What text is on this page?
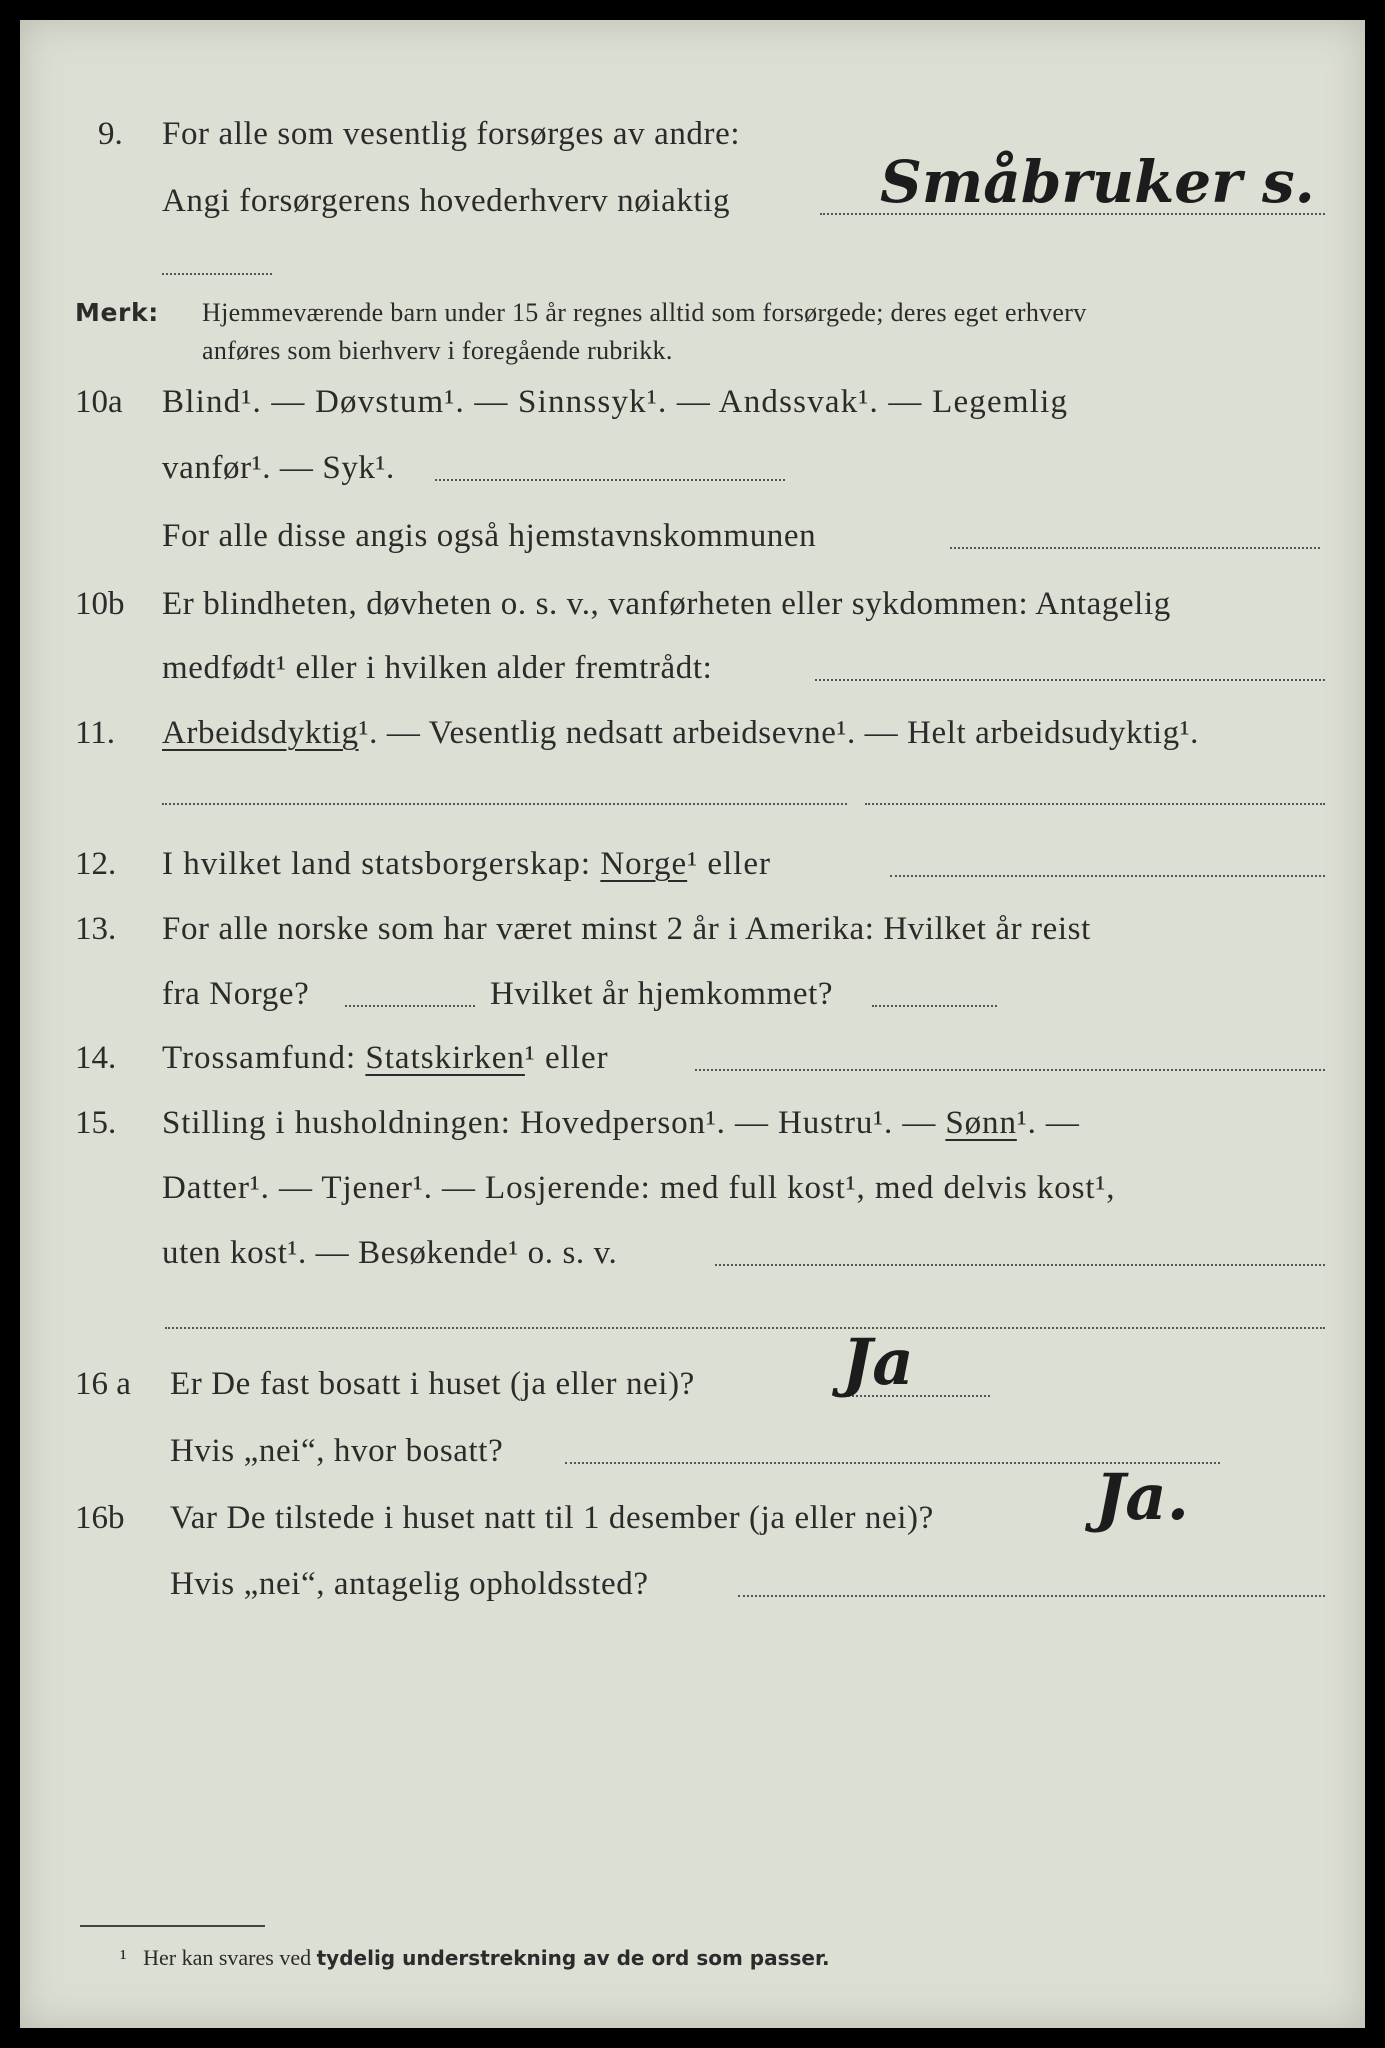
9. For alle som vesentlig forsørges av andre:
Angi forsørgerens hovederhverv nøiaktig	Småbruker s.
Merk: Hjemmeværende barn under 15 år regnes alltid som forsørgede; deres eget erhverv
anføres som bierhverv i foregående rubrikk.
10a Blind¹. — Døvstum¹. — Sinnssyk¹. — Andssvak¹. — Legemlig
vanfør¹. — Syk¹.
For alle disse angis også hjemstavnskommunen
10b Er blindheten, døvheten o. s. v., vanførheten eller sykdommen: Antagelig
medfødt¹ eller i hvilken alder fremtrådt:
11. Arbeidsdyktig¹. — Vesentlig nedsatt arbeidsevne¹. — Helt arbeidsudyktig¹.
12. I hvilket land statsborgerskap: Norge¹ eller
13. For alle norske som har været minst 2 år i Amerika: Hvilket år reist
fra Norge?	Hvilket år hjemkommet?
14. Trossamfund: Statskirken¹ eller
15. Stilling i husholdningen: Hovedperson¹. — Hustru¹. — Sønn¹. —
Datter¹. — Tjener¹. — Losjerende: med full kost¹, med delvis kost¹,
uten kost¹. — Besøkende¹ o. s. v.
16 a Er De fast bosatt i huset (ja eller nei)? Ja
Hvis „nei“, hvor bosatt?
16b Var De tilstede i huset natt til 1 desember (ja eller nei)?	Ja.
Hvis „nei“, antagelig opholdssted?
¹ Her kan svares ved tydelig understrekning av de ord som passer.
